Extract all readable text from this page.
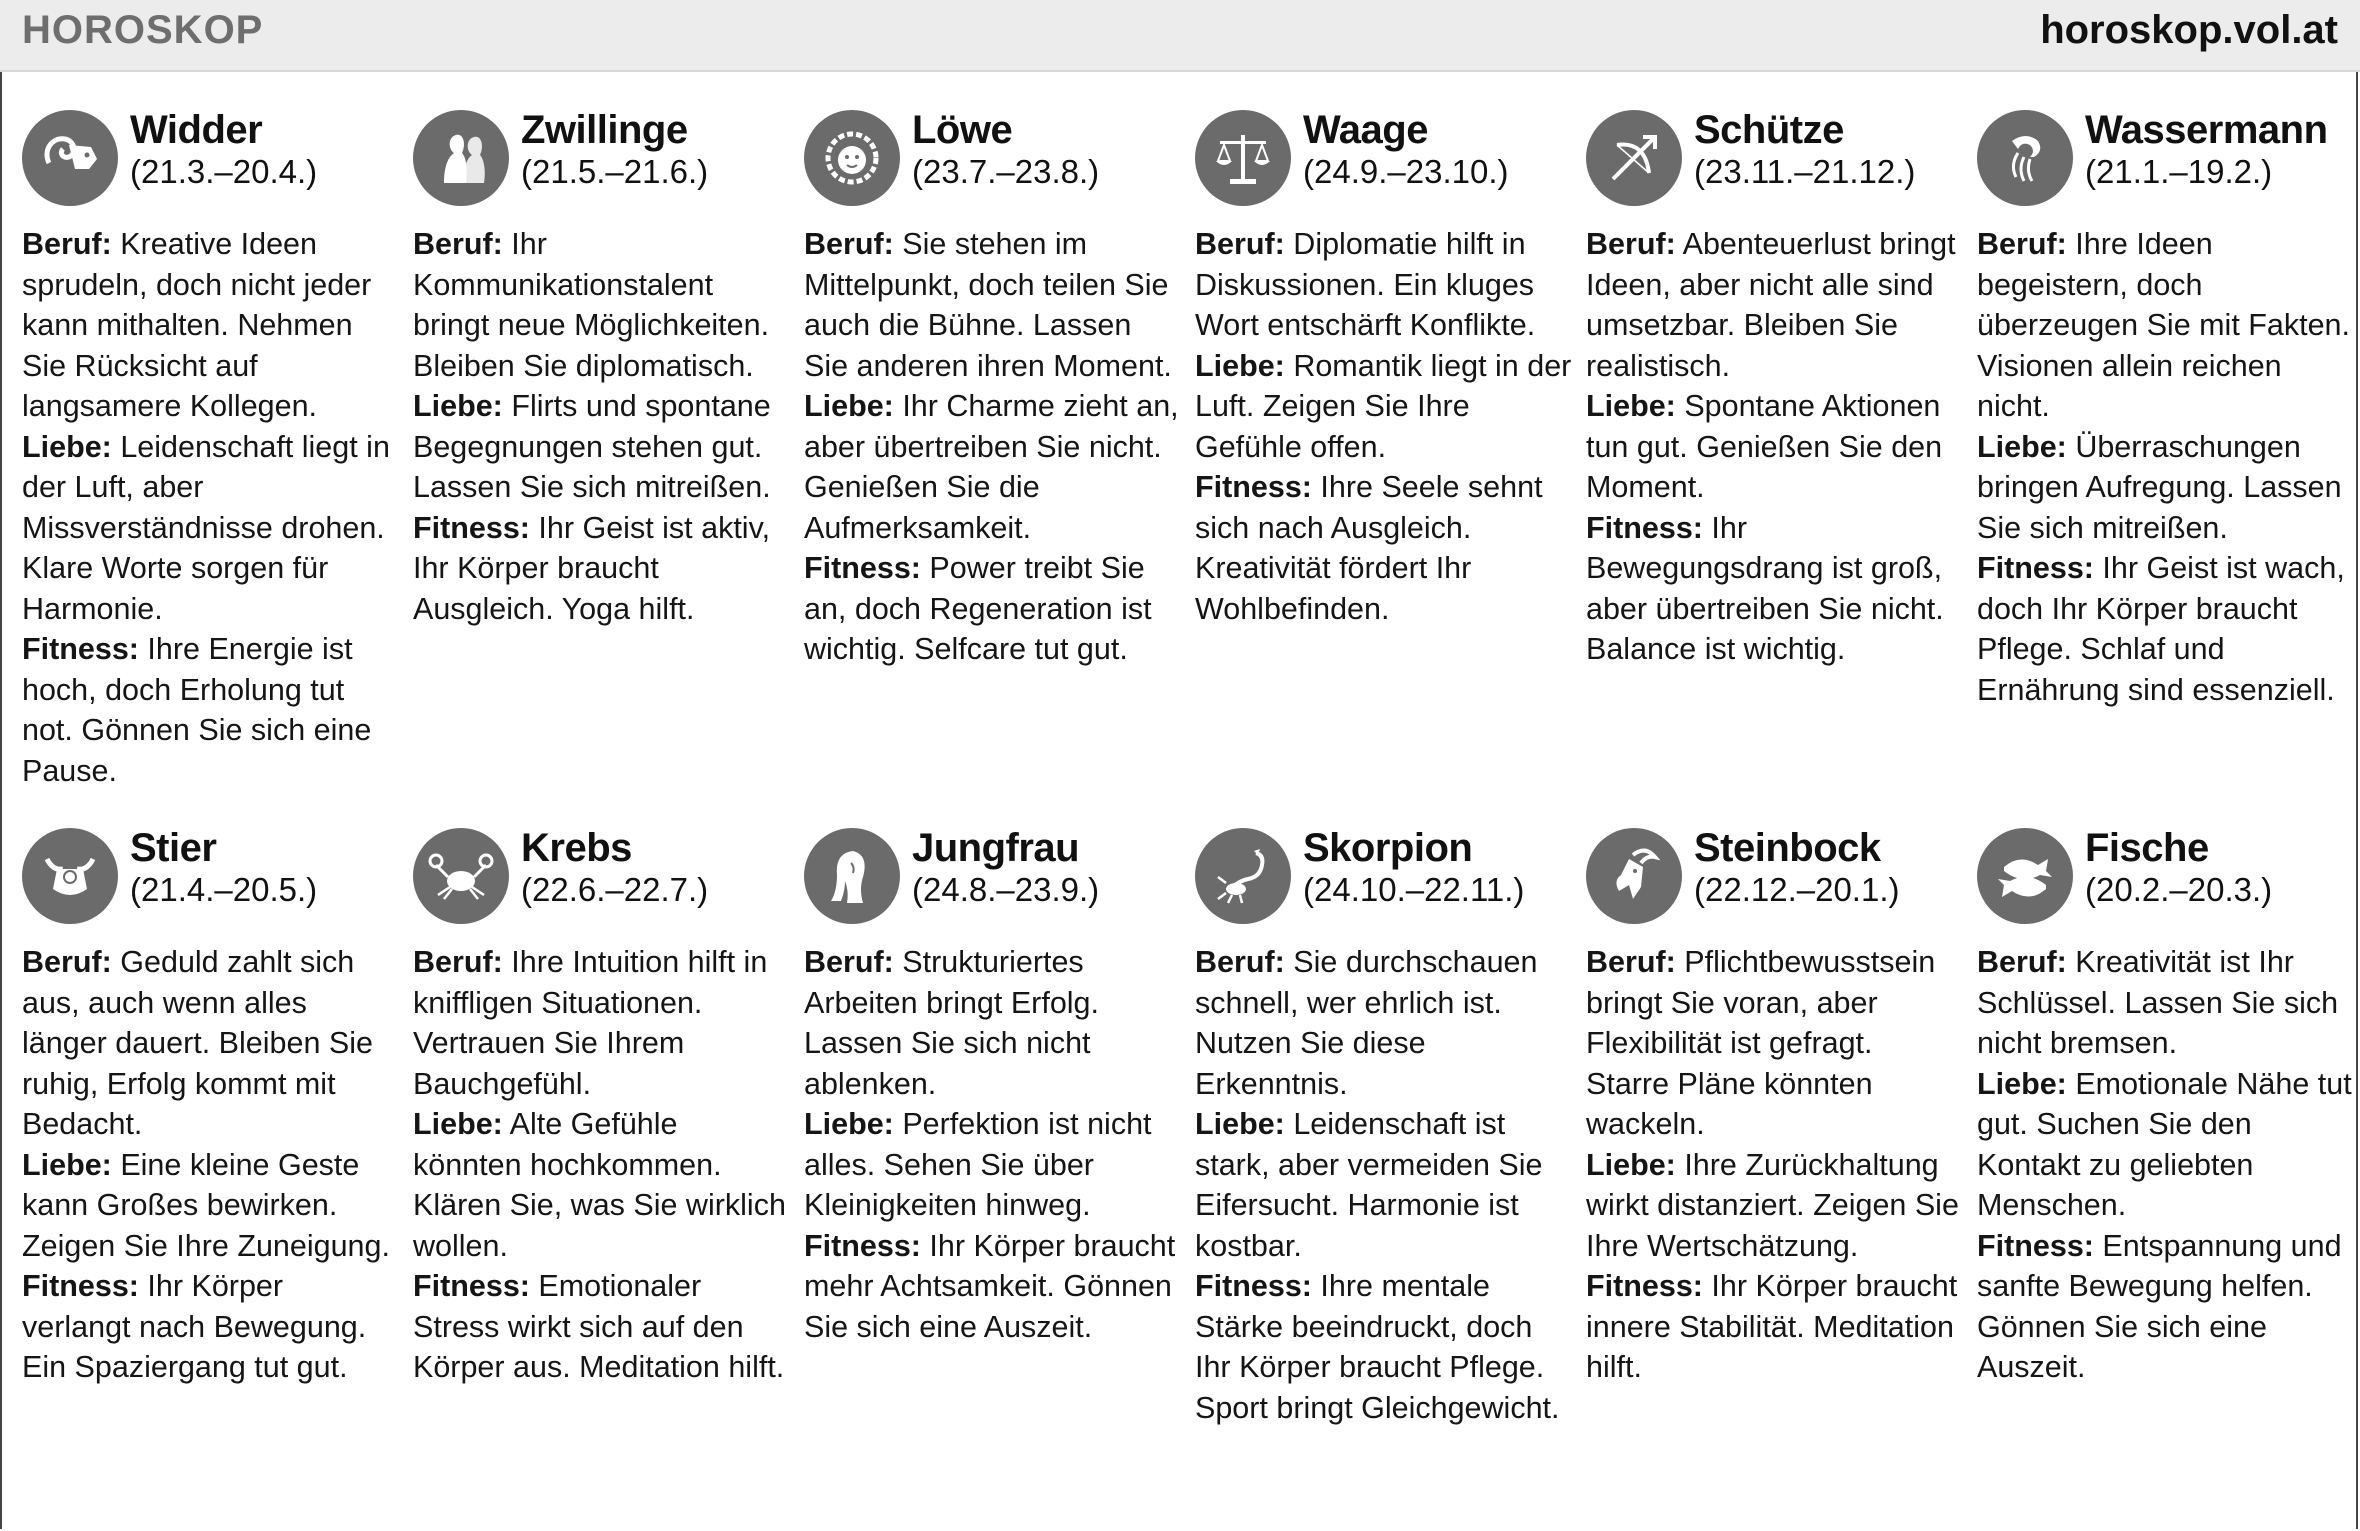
HOROSKOP	horoskop.vol.at
Widder
(21.3.–20.4.)
Beruf: Kreative Ideen sprudeln, doch nicht jeder kann mithalten. Nehmen Sie Rücksicht auf langsamere Kollegen.
Liebe: Leidenschaft liegt in der Luft, aber Missverständnisse drohen. Klare Worte sorgen für Harmonie.
Fitness: Ihre Energie ist hoch, doch Erholung tut not. Gönnen Sie sich eine Pause.
Zwillinge
(21.5.–21.6.)
Beruf: Ihr Kommunikationstalent bringt neue Möglichkeiten. Bleiben Sie diplomatisch.
Liebe: Flirts und spontane Begegnungen stehen gut. Lassen Sie sich mitreißen.
Fitness: Ihr Geist ist aktiv, Ihr Körper braucht Ausgleich. Yoga hilft.
Löwe
(23.7.–23.8.)
Beruf: Sie stehen im Mittelpunkt, doch teilen Sie auch die Bühne. Lassen Sie anderen ihren Moment.
Liebe: Ihr Charme zieht an, aber übertreiben Sie nicht. Genießen Sie die Aufmerksamkeit.
Fitness: Power treibt Sie an, doch Regeneration ist wichtig. Selfcare tut gut.
Waage
(24.9.–23.10.)
Beruf: Diplomatie hilft in Diskussionen. Ein kluges Wort entschärft Konflikte.
Liebe: Romantik liegt in der Luft. Zeigen Sie Ihre Gefühle offen.
Fitness: Ihre Seele sehnt sich nach Ausgleich. Kreativität fördert Ihr Wohlbefinden.
Schütze
(23.11.–21.12.)
Beruf: Abenteuerlust bringt Ideen, aber nicht alle sind umsetzbar. Bleiben Sie realistisch.
Liebe: Spontane Aktionen tun gut. Genießen Sie den Moment.
Fitness: Ihr Bewegungsdrang ist groß, aber übertreiben Sie nicht. Balance ist wichtig.
Wassermann
(21.1.–19.2.)
Beruf: Ihre Ideen begeistern, doch überzeugen Sie mit Fakten. Visionen allein reichen nicht.
Liebe: Überraschungen bringen Aufregung. Lassen Sie sich mitreißen.
Fitness: Ihr Geist ist wach, doch Ihr Körper braucht Pflege. Schlaf und Ernährung sind essenziell.
Stier
(21.4.–20.5.)
Beruf: Geduld zahlt sich aus, auch wenn alles länger dauert. Bleiben Sie ruhig, Erfolg kommt mit Bedacht.
Liebe: Eine kleine Geste kann Großes bewirken. Zeigen Sie Ihre Zuneigung.
Fitness: Ihr Körper verlangt nach Bewegung. Ein Spaziergang tut gut.
Krebs
(22.6.–22.7.)
Beruf: Ihre Intuition hilft in kniffligen Situationen. Vertrauen Sie Ihrem Bauchgefühl.
Liebe: Alte Gefühle könnten hochkommen. Klären Sie, was Sie wirklich wollen.
Fitness: Emotionaler Stress wirkt sich auf den Körper aus. Meditation hilft.
Jungfrau
(24.8.–23.9.)
Beruf: Strukturiertes Arbeiten bringt Erfolg. Lassen Sie sich nicht ablenken.
Liebe: Perfektion ist nicht alles. Sehen Sie über Kleinigkeiten hinweg.
Fitness: Ihr Körper braucht mehr Achtsamkeit. Gönnen Sie sich eine Auszeit.
Skorpion
(24.10.–22.11.)
Beruf: Sie durchschauen schnell, wer ehrlich ist. Nutzen Sie diese Erkenntnis.
Liebe: Leidenschaft ist stark, aber vermeiden Sie Eifersucht. Harmonie ist kostbar.
Fitness: Ihre mentale Stärke beeindruckt, doch Ihr Körper braucht Pflege. Sport bringt Gleichgewicht.
Steinbock
(22.12.–20.1.)
Beruf: Pflichtbewusstsein bringt Sie voran, aber Flexibilität ist gefragt. Starre Pläne könnten wackeln.
Liebe: Ihre Zurückhaltung wirkt distanziert. Zeigen Sie Ihre Wertschätzung.
Fitness: Ihr Körper braucht innere Stabilität. Meditation hilft.
Fische
(20.2.–20.3.)
Beruf: Kreativität ist Ihr Schlüssel. Lassen Sie sich nicht bremsen.
Liebe: Emotionale Nähe tut gut. Suchen Sie den Kontakt zu geliebten Menschen.
Fitness: Entspannung und sanfte Bewegung helfen. Gönnen Sie sich eine Auszeit.
